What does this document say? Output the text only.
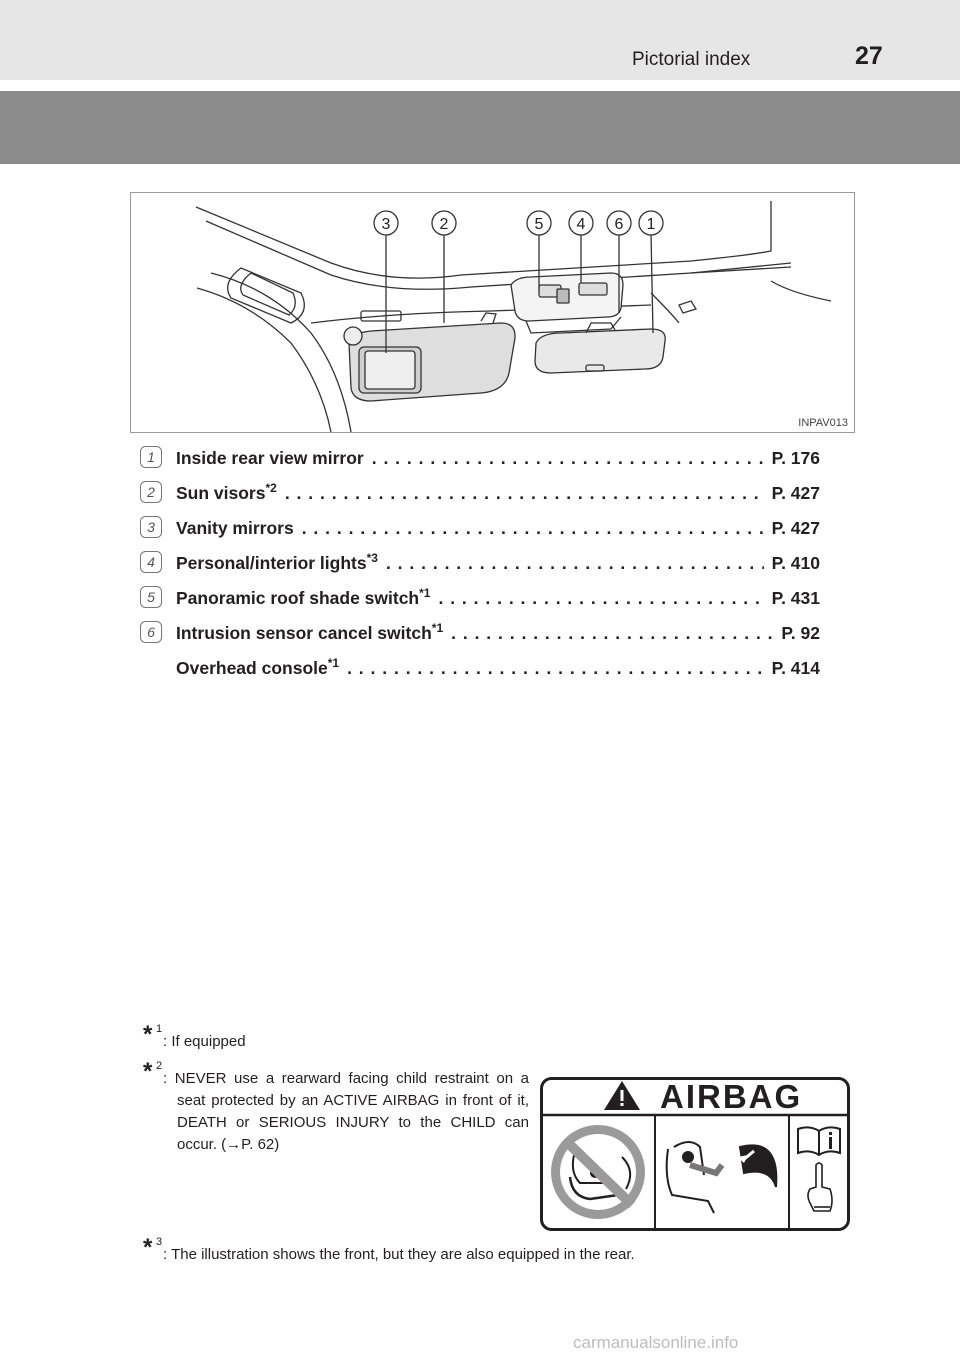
Pictorial index	27
3	2	5 4 6 1
INPAV013
1 Inside rear view mirror . . .	P. 176
2 Sun visors$^{*2}$ . . .	P. 427
3 Vanity mirrors . . .	P. 427
4 Personal/interior lights$^{*3}$ . . .	P. 410
5 Panoramic roof shade switch$^{*1}$ . . .	P. 431
6 Intrusion sensor cancel switch$^{*1}$ . . .	P. 92
Overhead console$^{*1}$ . . .	P. 414
* 1
: If equipped
* 2
: NEVER use a rearward facing child restraint on a seat protected by an ACTIVE AIRBAG in front of it, DEATH or SERIOUS INJURY to the CHILD can occur. (→P. 62)
* 3
: The illustration shows the front, but they are also equipped in the rear.
AIRBAG
carmanualsonline.info
